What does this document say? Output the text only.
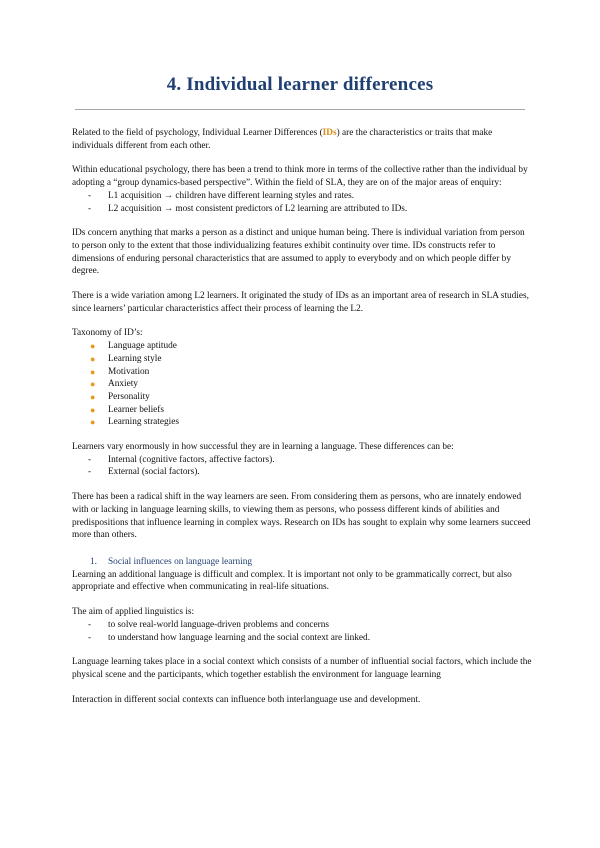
4. Individual learner differences

Related to the field of psychology, Individual Learner Differences (IDs) are the characteristics or traits that make individuals different from each other.

Within educational psychology, there has been a trend to think more in terms of the collective rather than the individual by adopting a “group dynamics-based perspective”. Within the field of SLA, they are on of the major areas of enquiry:

- L1 acquisition → children have different learning styles and rates.
- L2 acquisition → most consistent predictors of L2 learning are attributed to IDs.

IDs concern anything that marks a person as a distinct and unique human being. There is individual variation from person to person only to the extent that those individualizing features exhibit continuity over time. IDs constructs refer to dimensions of enduring personal characteristics that are assumed to apply to everybody and on which people differ by degree.

There is a wide variation among L2 learners. It originated the study of IDs as an important area of research in SLA studies, since learners’ particular characteristics affect their process of learning the L2.

Taxonomy of ID’s:

● Language aptitude
● Learning style
● Motivation
● Anxiety
● Personality
● Learner beliefs
● Learning strategies

Learners vary enormously in how successful they are in learning a language. These differences can be:

- Internal (cognitive factors, affective factors).
- External (social factors).

There has been a radical shift in the way learners are seen. From considering them as persons, who are innately endowed with or lacking in language learning skills, to viewing them as persons, who possess different kinds of abilities and predispositions that influence learning in complex ways. Research on IDs has sought to explain why some learners succeed more than others.

1. Social influences on language learning

Learning an additional language is difficult and complex. It is important not only to be grammatically correct, but also appropriate and effective when communicating in real-life situations.

The aim of applied linguistics is:

- to solve real-world language-driven problems and concerns
- to understand how language learning and the social context are linked.

Language learning takes place in a social context which consists of a number of influential social factors, which include the physical scene and the participants, which together establish the environment for language learning

Interaction in different social contexts can influence both interlanguage use and development.
